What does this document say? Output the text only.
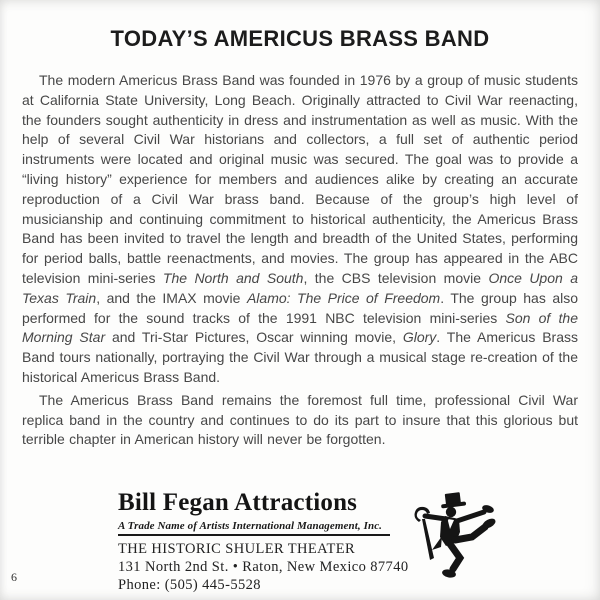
TODAY’S AMERICUS BRASS BAND

The modern Americus Brass Band was founded in 1976 by a group of music students at California State University, Long Beach. Originally attracted to Civil War reenacting, the founders sought authenticity in dress and instrumentation as well as music. With the help of several Civil War historians and collectors, a full set of authentic period instruments were located and original music was secured. The goal was to provide a “living history” experience for members and audiences alike by creating an accurate reproduction of a Civil War brass band. Because of the group’s high level of musicianship and continuing commitment to historical authenticity, the Americus Brass Band has been invited to travel the length and breadth of the United States, performing for period balls, battle reenactments, and movies. The group has appeared in the ABC television mini-series The North and South, the CBS television movie Once Upon a Texas Train, and the IMAX movie Alamo: The Price of Freedom. The group has also performed for the sound tracks of the 1991 NBC television mini-series Son of the Morning Star and Tri-Star Pictures, Oscar winning movie, Glory. The Americus Brass Band tours nationally, portraying the Civil War through a musical stage re-creation of the historical Americus Brass Band.

The Americus Brass Band remains the foremost full time, professional Civil War replica band in the country and continues to do its part to insure that this glorious but terrible chapter in American history will never be forgotten.

Bill Fegan Attractions
A Trade Name of Artists International Management, Inc.
THE HISTORIC SHULER THEATER
131 North 2nd St. • Raton, New Mexico 87740
Phone: (505) 445-5528
6
